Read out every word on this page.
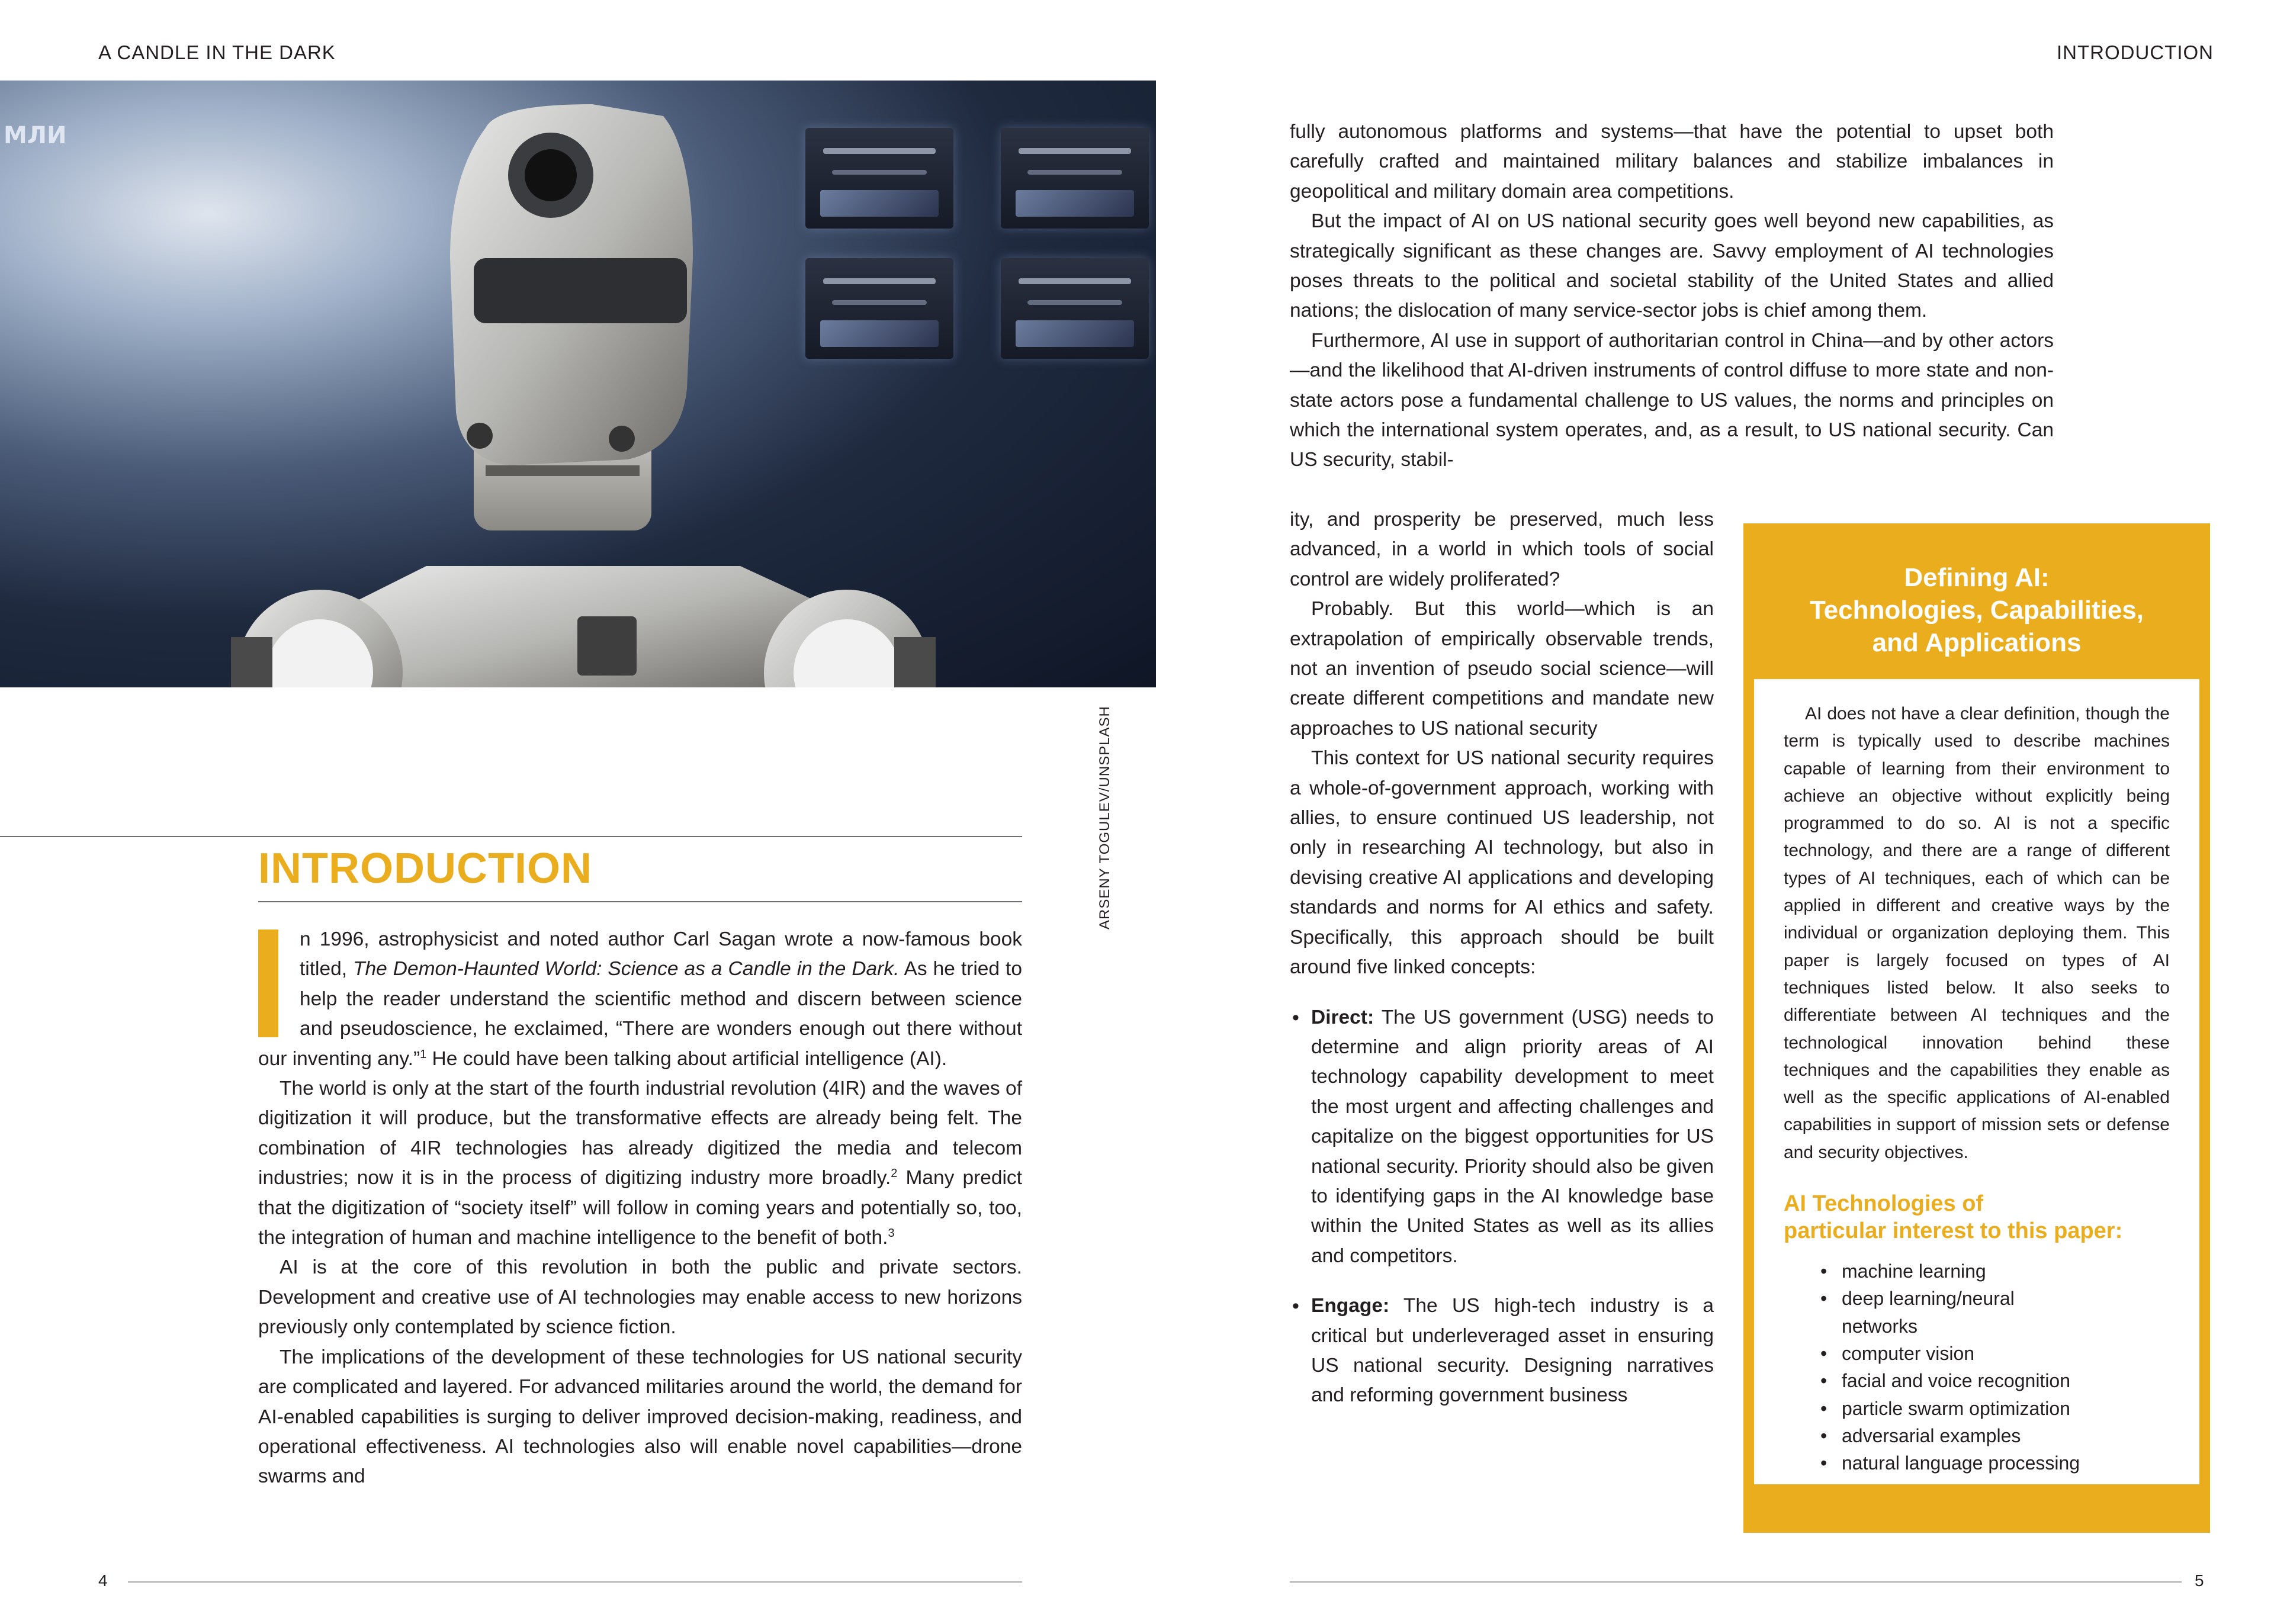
A CANDLE IN THE DARK	INTRODUCTION
МЛИ
ARSENY TOGULEV/UNSPLASH
INTRODUCTION

n 1996, astrophysicist and noted author Carl Sagan wrote a now-famous book titled, The Demon-Haunted World: Science as a Candle in the Dark. As he tried to help the reader understand the scientific method and discern between science and pseudoscience, he exclaimed, “There are wonders enough out there without our inventing any.”$^1$ He could have been talking about artificial intelligence (AI).

The world is only at the start of the fourth industrial revolution (4IR) and the waves of digitization it will produce, but the transformative effects are already being felt. The combination of 4IR technologies has already digitized the media and telecom industries; now it is in the process of digitizing industry more broadly.$^2$ Many predict that the digitization of “society itself” will follow in coming years and potentially so, too, the integration of human and machine intelligence to the benefit of both.$^3$

AI is at the core of this revolution in both the public and private sectors. Development and creative use of AI technologies may enable access to new horizons previously only contemplated by science fiction.

The implications of the development of these technologies for US national security are complicated and layered. For advanced militaries around the world, the demand for AI-enabled capabilities is surging to deliver improved decision-making, readiness, and operational effectiveness. AI technologies also will enable novel capabilities—drone swarms and

fully autonomous platforms and systems—that have the potential to upset both carefully crafted and maintained military balances and stabilize imbalances in geopolitical and military domain area competitions.

But the impact of AI on US national security goes well beyond new capabilities, as strategically significant as these changes are. Savvy employment of AI technologies poses threats to the political and societal stability of the United States and allied nations; the dislocation of many service-sector jobs is chief among them.

Furthermore, AI use in support of authoritarian control in China—and by other actors—and the likelihood that AI-driven instruments of control diffuse to more state and non-state actors pose a fundamental challenge to US values, the norms and principles on which the international system operates, and, as a result, to US national security. Can US security, stabil-

ity, and prosperity be preserved, much less advanced, in a world in which tools of social control are widely proliferated?

Probably. But this world—which is an extrapolation of empirically observable trends, not an invention of pseudo social science—will create different competitions and mandate new approaches to US national security

This context for US national security requires a whole-of-government approach, working with allies, to ensure continued US leadership, not only in researching AI technology, but also in devising creative AI applications and developing standards and norms for AI ethics and safety. Specifically, this approach should be built around five linked concepts:

• Direct: The US government (USG) needs to determine and align priority areas of AI technology capability development to meet the most urgent and affecting challenges and capitalize on the biggest opportunities for US national security. Priority should also be given to identifying gaps in the AI knowledge base within the United States as well as its allies and competitors.
• Engage: The US high-tech industry is a critical but underleveraged asset in ensuring US national security. Designing narratives and reforming government business
Defining AI:
Technologies, Capabilities,
and Applications

AI does not have a clear definition, though the term is typically used to describe machines capable of learning from their environment to achieve an objective without explicitly being programmed to do so. AI is not a specific technology, and there are a range of different types of AI techniques, each of which can be applied in different and creative ways by the individual or organization deploying them. This paper is largely focused on types of AI techniques listed below. It also seeks to differentiate between AI techniques and the technological innovation behind these techniques and the capabilities they enable as well as the specific applications of AI-enabled capabilities in support of mission sets or defense and security objectives.

AI Technologies of
particular interest to this paper:
• machine learning
• deep learning/neural
networks
• computer vision
• facial and voice recognition
• particle swarm optimization
• adversarial examples
• natural language processing
4	5
